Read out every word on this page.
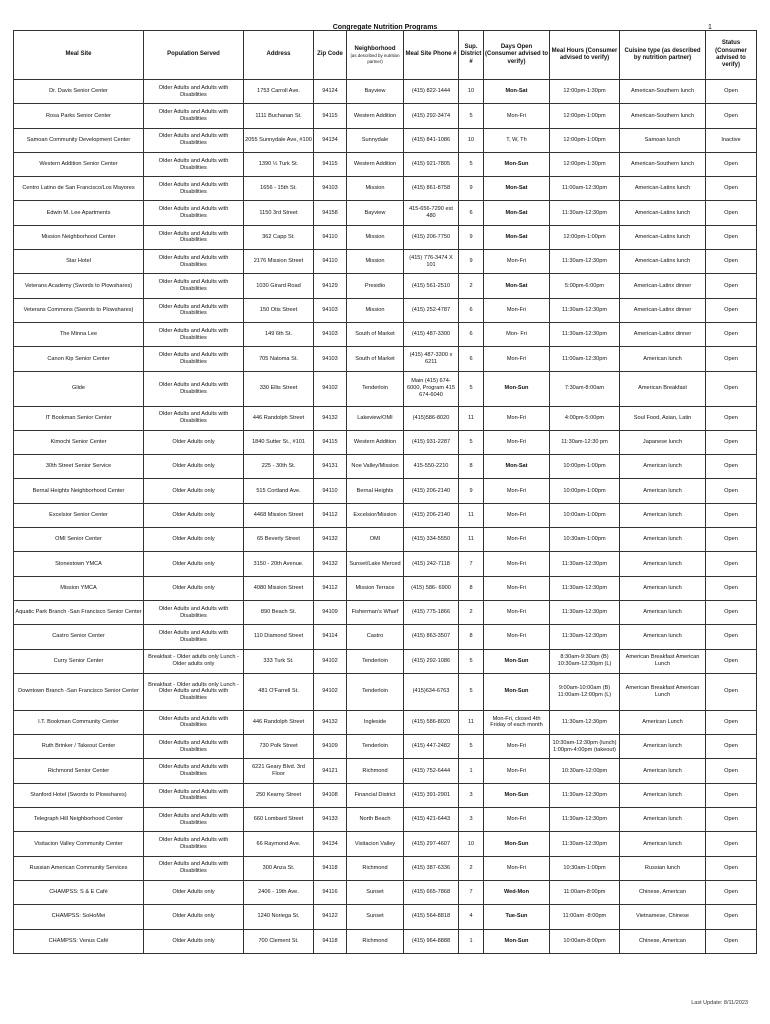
Congregate Nutrition Programs	1
Meal Site	Population Served	Address	Zip Code	Neighborhood
(as described by nutrition partner)	Meal Site Phone #	Sup. District #	Days Open (Consumer advised to verify)	Meal Hours (Consumer advised to verify)	Cuisine type (as described by nutrition partner)	Status (Consumer advised to verify)
Dr. Davis Senior Center	Older Adults and Adults with Disabilities	1753 Carroll Ave.	94124	Bayview	(415) 822-1444	10	Mon-Sat	12:00pm-1:30pm	American-Southern lunch	Open
Rosa Parks Senior Center	Older Adults and Adults with Disabilities	1111 Buchanan St.	94115	Western Addition	(415) 292-3474	5	Mon-Fri	12:00pm-1:00pm	American-Southern lunch	Open
Samoan Community Development Center	Older Adults and Adults with Disabilities	2055 Sunnydale Ave, #100	94134	Sunnydale	(415) 841-1086	10	T, W, Th	12:00pm-1:00pm	Samoan lunch	Inactive
Western Addition Senior Center	Older Adults and Adults with Disabilities	1390 ½ Turk St.	94115	Western Addition	(415) 921-7805	5	Mon-Sun	12:00pm-1:30pm	American-Southern lunch	Open
Centro Latino de San Francisco/Los Mayores	Older Adults and Adults with Disabilities	1656 - 15th St.	94103	Mission	(415) 861-8758	9	Mon-Sat	11:00am-12:30pm	American-Latinx lunch	Open
Edwin M. Lee Apartments	Older Adults and Adults with Disabilities	1150 3rd Street	94158	Bayview	415-656-7290 ext 480	6	Mon-Sat	11:30am-12:30pm	American-Latinx lunch	Open
Mission Neighborhood Center	Older Adults and Adults with Disabilities	362 Capp St.	94110	Mission	(415) 206-7750	9	Mon-Sat	12:00pm-1:00pm	American-Latinx lunch	Open
Star Hotel	Older Adults and Adults with Disabilities	2176 Mission Street	94110	Mission	(415) 776-3474 X 101	9	Mon-Fri	11:30am-12:30pm	American-Latinx lunch	Open
Veterans Academy (Swords to Plowshares)	Older Adults and Adults with Disabilities	1030 Girard Road	94129	Presidio	(415) 561-2510	2	Mon-Sat	5:00pm-6:00pm	American-Latinx dinner	Open
Veterans Commons (Swords to Plowshares)	Older Adults and Adults with Disabilities	150 Otis Street	94103	Mission	(415) 252-4787	6	Mon-Fri	11:30am-12:30pm	American-Latinx dinner	Open
The Minna Lee	Older Adults and Adults with Disabilities	149 6th St.	94103	South of Market	(415) 487-3300	6	Mon- Fri	11:30am-12:30pm	American-Latinx dinner	Open
Canon Kip Senior Center	Older Adults and Adults with Disabilities	705 Natoma St.	94103	South of Market	(415) 487-3300 x 6211	6	Mon-Fri	11:00am-12:30pm	American lunch	Open
Glide	Older Adults and Adults with Disabilities	330 Ellis Street	94102	Tenderloin	Main (415) 674-6000, Program 415 674-6040	5	Mon-Sun	7:30am-8:00am	American Breakfast	Open
IT Bookman Senior Center	Older Adults and Adults with Disabilities	446 Randolph Street	94132	Lakeview/OMI	(415)586-8020	11	Mon-Fri	4:00pm-5:00pm	Soul Food, Asian, Latin	Open
Kimochi Senior Center	Older Adults only	1840 Sutter St., #101	94115	Western Addition	(415) 931-2287	5	Mon-Fri	11:30am-12:30 pm	Japanese lunch	Open
30th Street Senior Service	Older Adults only	225 - 30th St.	94131	Noe Valley/Mission	415-550-2210	8	Mon-Sat	10:00pm-1:00pm	American lunch	Open
Bernal Heights Neighborhood Center	Older Adults only	515 Cortland Ave.	94110	Bernal Heights	(415) 206-2140	9	Mon-Fri	10:00pm-1:00pm	American lunch	Open
Excelsior Senior Center	Older Adults only	4468 Mission Street	94112	Excelsior/Mission	(415) 206-2140	11	Mon-Fri	10:00am-1:00pm	American lunch	Open
OMI Senior Center	Older Adults only	65 Beverly Street	94132	OMI	(415) 334-5550	11	Mon-Fri	10:30am-1:00pm	American lunch	Open
Stonestown YMCA	Older Adults only	3150 - 20th Avenue.	94132	Sunset/Lake Merced	(415) 242-7118	7	Mon-Fri	11:30am-12:30pm	American lunch	Open
Mission YMCA	Older Adults only	4080 Mission Street	94112	Mission Terrace	(415) 586- 6900	8	Mon-Fri	11:30am-12:30pm	American lunch	Open
Aquatic Park Branch -San Francisco Senior Center	Older Adults and Adults with Disabilities	890 Beach St.	94109	Fisherman's Wharf	(415) 775-1866	2	Mon-Fri	11:30am-12:30pm	American lunch	Open
Castro Senior Center	Older Adults and Adults with Disabilities	110 Diamond Street	94114	Castro	(415) 863-3507	8	Mon-Fri	11:30am-12:30pm	American lunch	Open
Curry Senior Center	Breakfast - Older adults only Lunch - Older adults only	333 Turk St.	94102	Tenderloin	(415) 292-1086	5	Mon-Sun	8:30am-9:30am (B) 10:30am-12:30pm (L)	American Breakfast American Lunch	Open
Downtown Branch -San Francisco Senior Center	Breakfast - Older adults only Lunch - Older Adults and Adults with Disabilities	481 O'Farrell St.	94102	Tenderloin	(415)634-6763	5	Mon-Sun	9:00am-10:00am (B) 11:00am-12:00pm (L)	American Breakfast American Lunch	Open
I.T. Bookman Community Center	Older Adults and Adults with Disabilities	446 Randolph Street	94132	Ingleside	(415) 586-8020	11	Mon-Fri, closed 4th Friday of each month	11:30am-12:30pm	American Lunch	Open
Ruth Brinker / Takeout Center	Older Adults and Adults with Disabilities	730 Polk Street	94109	Tenderloin	(415) 447-2482	5	Mon-Fri	10:30am-12:30pm (lunch) 1:00pm-4:00pm (takeout)	American lunch	Open
Richmond Senior Center	Older Adults and Adults with Disabilities	6221 Geary Blvd. 3rd Floor	94121	Richmond	(415) 752-6444	1	Mon-Fri	10:30am-12:00pm	American lunch	Open
Stanford Hotel (Swords to Plowshares)	Older Adults and Adults with Disabilities	250 Kearny Street	94108	Financial District	(415) 391-2901	3	Mon-Sun	11:30am-12:30pm	American lunch	Open
Telegraph Hill Neighborhood Center	Older Adults and Adults with Disabilities	660 Lombard Street	94133	North Beach	(415) 421-6443	3	Mon-Fri	11:30am-12:30pm	American lunch	Open
Visitacion Valley Community Center	Older Adults and Adults with Disabilities	66 Raymond Ave.	94134	Visitacion Valley	(415) 297-4607	10	Mon-Sun	11:30am-12:30pm	American lunch	Open
Russian American Community Services	Older Adults and Adults with Disabilities	300 Anza St.	94118	Richmond	(415) 387-6336	2	Mon-Fri	10:30am-1:00pm	Russian lunch	Open
CHAMPSS: S & E Café	Older Adults only	2406 - 19th Ave.	94116	Sunset	(415) 665-7868	7	Wed-Mon	11:00am-8:00pm	Chinese, American	Open
CHAMPSS: SoHoMei	Older Adults only	1240 Noriega St.	94122	Sunset	(415) 564-8818	4	Tue-Sun	11:00am -8:00pm	Vietnamese, Chinese	Open
CHAMPSS: Venus Café	Older Adults only	700 Clement St.	94118	Richmond	(415) 964-8888	1	Mon-Sun	10:00am-8:00pm	Chinese, American	Open
Last Update: 8/11/2023
